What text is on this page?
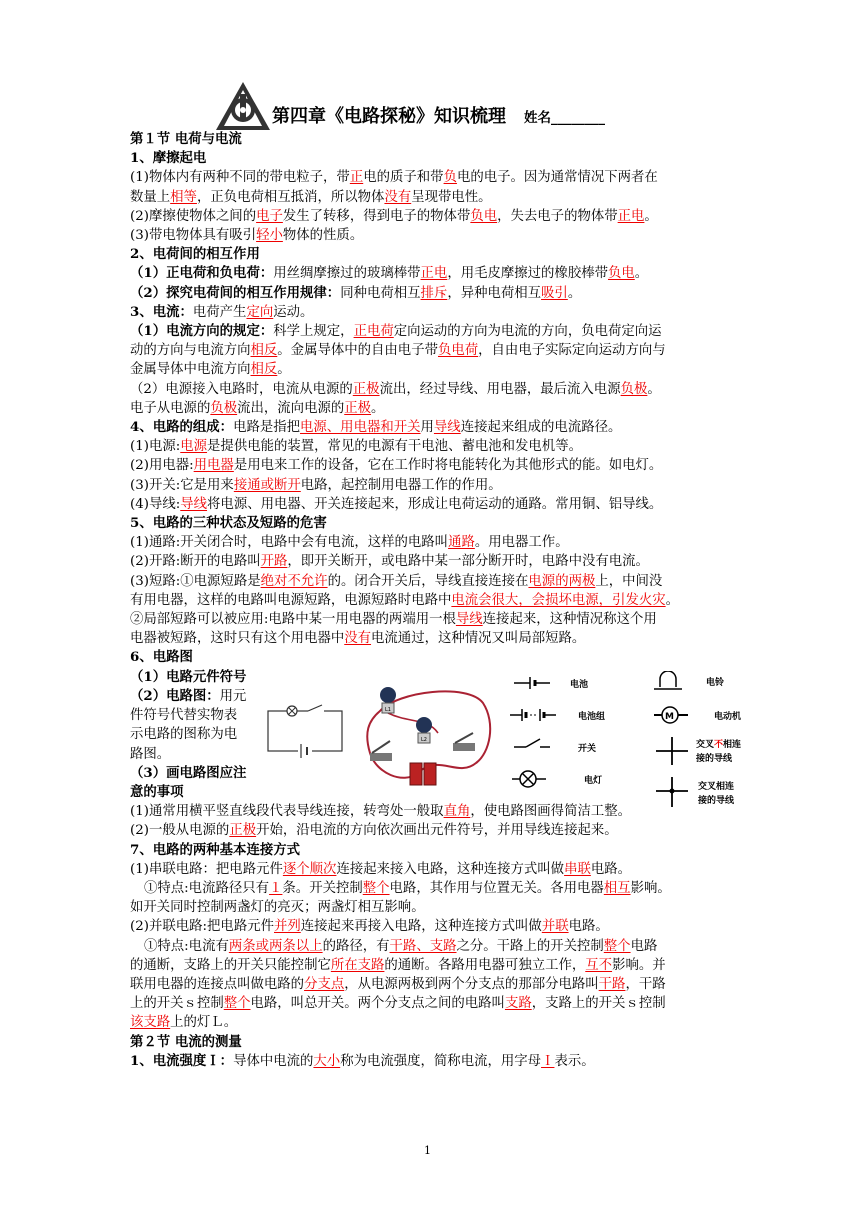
第四章《电路探秘》知识梳理 姓名________

第１节 电荷与电流

1、摩擦起电

(1)物体内有两种不同的带电粒子，带正电的质子和带负电的电子。因为通常情况下两者在

数量上相等，正负电荷相互抵消，所以物体没有呈现带电性。

(2)摩擦使物体之间的电子发生了转移，得到电子的物体带负电，失去电子的物体带正电。

(3)带电物体具有吸引轻小物体的性质。

2、电荷间的相互作用

（1）正电荷和负电荷：用丝绸摩擦过的玻璃棒带正电，用毛皮摩擦过的橡胶棒带负电。

（2）探究电荷间的相互作用规律：同种电荷相互排斥，异种电荷相互吸引。

3、电流：电荷产生定向运动。

（1）电流方向的规定：科学上规定，正电荷定向运动的方向为电流的方向，负电荷定向运

动的方向与电流方向相反。金属导体中的自由电子带负电荷，自由电子实际定向运动方向与

金属导体中电流方向相反。

（2）电源接入电路时，电流从电源的正极流出，经过导线、用电器，最后流入电源负极。

电子从电源的负极流出，流向电源的正极。

4、电路的组成：电路是指把电源、用电器和开关用导线连接起来组成的电流路径。

(1)电源:电源是提供电能的装置，常见的电源有干电池、蓄电池和发电机等。

(2)用电器:用电器是用电来工作的设备，它在工作时将电能转化为其他形式的能。如电灯。

(3)开关:它是用来接通或断开电路，起控制用电器工作的作用。

(4)导线:导线将电源、用电器、开关连接起来，形成让电荷运动的通路。常用铜、铝导线。

5、电路的三种状态及短路的危害

(1)通路:开关闭合时，电路中会有电流，这样的电路叫通路。用电器工作。

(2)开路:断开的电路叫开路，即开关断开，或电路中某一部分断开时，电路中没有电流。

(3)短路:①电源短路是绝对不允许的。闭合开关后，导线直接连接在电源的两极上，中间没

有用电器，这样的电路叫电源短路，电源短路时电路中电流会很大，会损坏电源，引发火灾。

②局部短路可以被应用:电路中某一用电器的两端用一根导线连接起来，这种情况称这个用

电器被短路，这时只有这个用电器中没有电流通过，这种情况又叫局部短路。

6、电路图

（1）电路元件符号

（2）电路图：用元

件符号代替实物表

示电路的图称为电

路图。

（3）画电路图应注

意的事项

(1)通常用横平竖直线段代表导线连接，转弯处一般取直角，使电路图画得简洁工整。

(2)一般从电源的正极开始，沿电流的方向依次画出元件符号，并用导线连接起来。

7、电路的两种基本连接方式

(1)串联电路：把电路元件逐个顺次连接起来接入电路，这种连接方式叫做串联电路。

①特点:电流路径只有１条。开关控制整个电路，其作用与位置无关。各用电器相互影响。

如开关同时控制两盏灯的亮灭；两盏灯相互影响。

(2)并联电路:把电路元件并列连接起来再接入电路，这种连接方式叫做并联电路。

①特点:电流有两条或两条以上的路径，有干路、支路之分。干路上的开关控制整个电路

的通断，支路上的开关只能控制它所在支路的通断。各路用电器可独立工作，互不影响。并

联用电器的连接点叫做电路的分支点，从电源两极到两个分支点的那部分电路叫干路，干路

上的开关ｓ控制整个电路，叫总开关。两个分支点之间的电路叫支路，支路上的开关ｓ控制

该支路上的灯Ｌ。

第２节 电流的测量

1、电流强度Ｉ：导体中电流的大小称为电流强度，简称电流，用字母Ｉ表示。

L1
L2
电池
电池组
开关
电灯
电铃
M	电动机
交叉不相连
接的导线
交叉相连
接的导线
1
